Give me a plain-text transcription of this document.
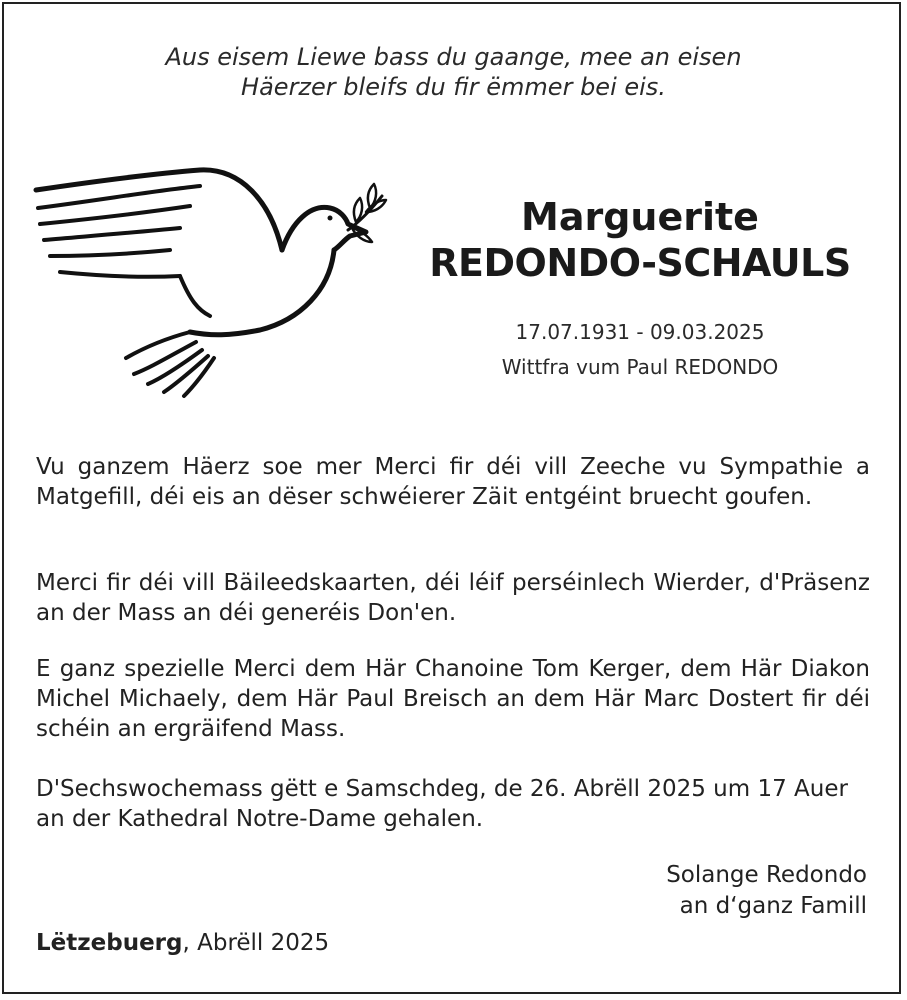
Aus eisem Liewe bass du gaange, mee an eisen
Häerzer bleifs du fir ëmmer bei eis.
Marguerite
REDONDO-SCHAULS
17.07.1931 - 09.03.2025
Wittfra vum Paul REDONDO
Vu ganzem Häerz soe mer Merci fir déi vill Zeeche vu Sympathie a Matgefill, déi eis an dëser schwéierer Zäit entgéint bruecht goufen.
Merci fir déi vill Bäileedskaarten, déi léif perséinlech Wierder, d'Präsenz an der Mass an déi generéis Don'en.
E ganz spezielle Merci dem Här Chanoine Tom Kerger, dem Här Diakon Michel Michaely, dem Här Paul Breisch an dem Här Marc Dostert fir déi schéin an ergräifend Mass.
D'Sechswochemass gëtt e Samschdeg, de 26. Abrëll 2025 um 17 Auer an der Kathedral Notre-Dame gehalen.
Solange Redondo
an d‘ganz Famill
Lëtzebuerg, Abrëll 2025
